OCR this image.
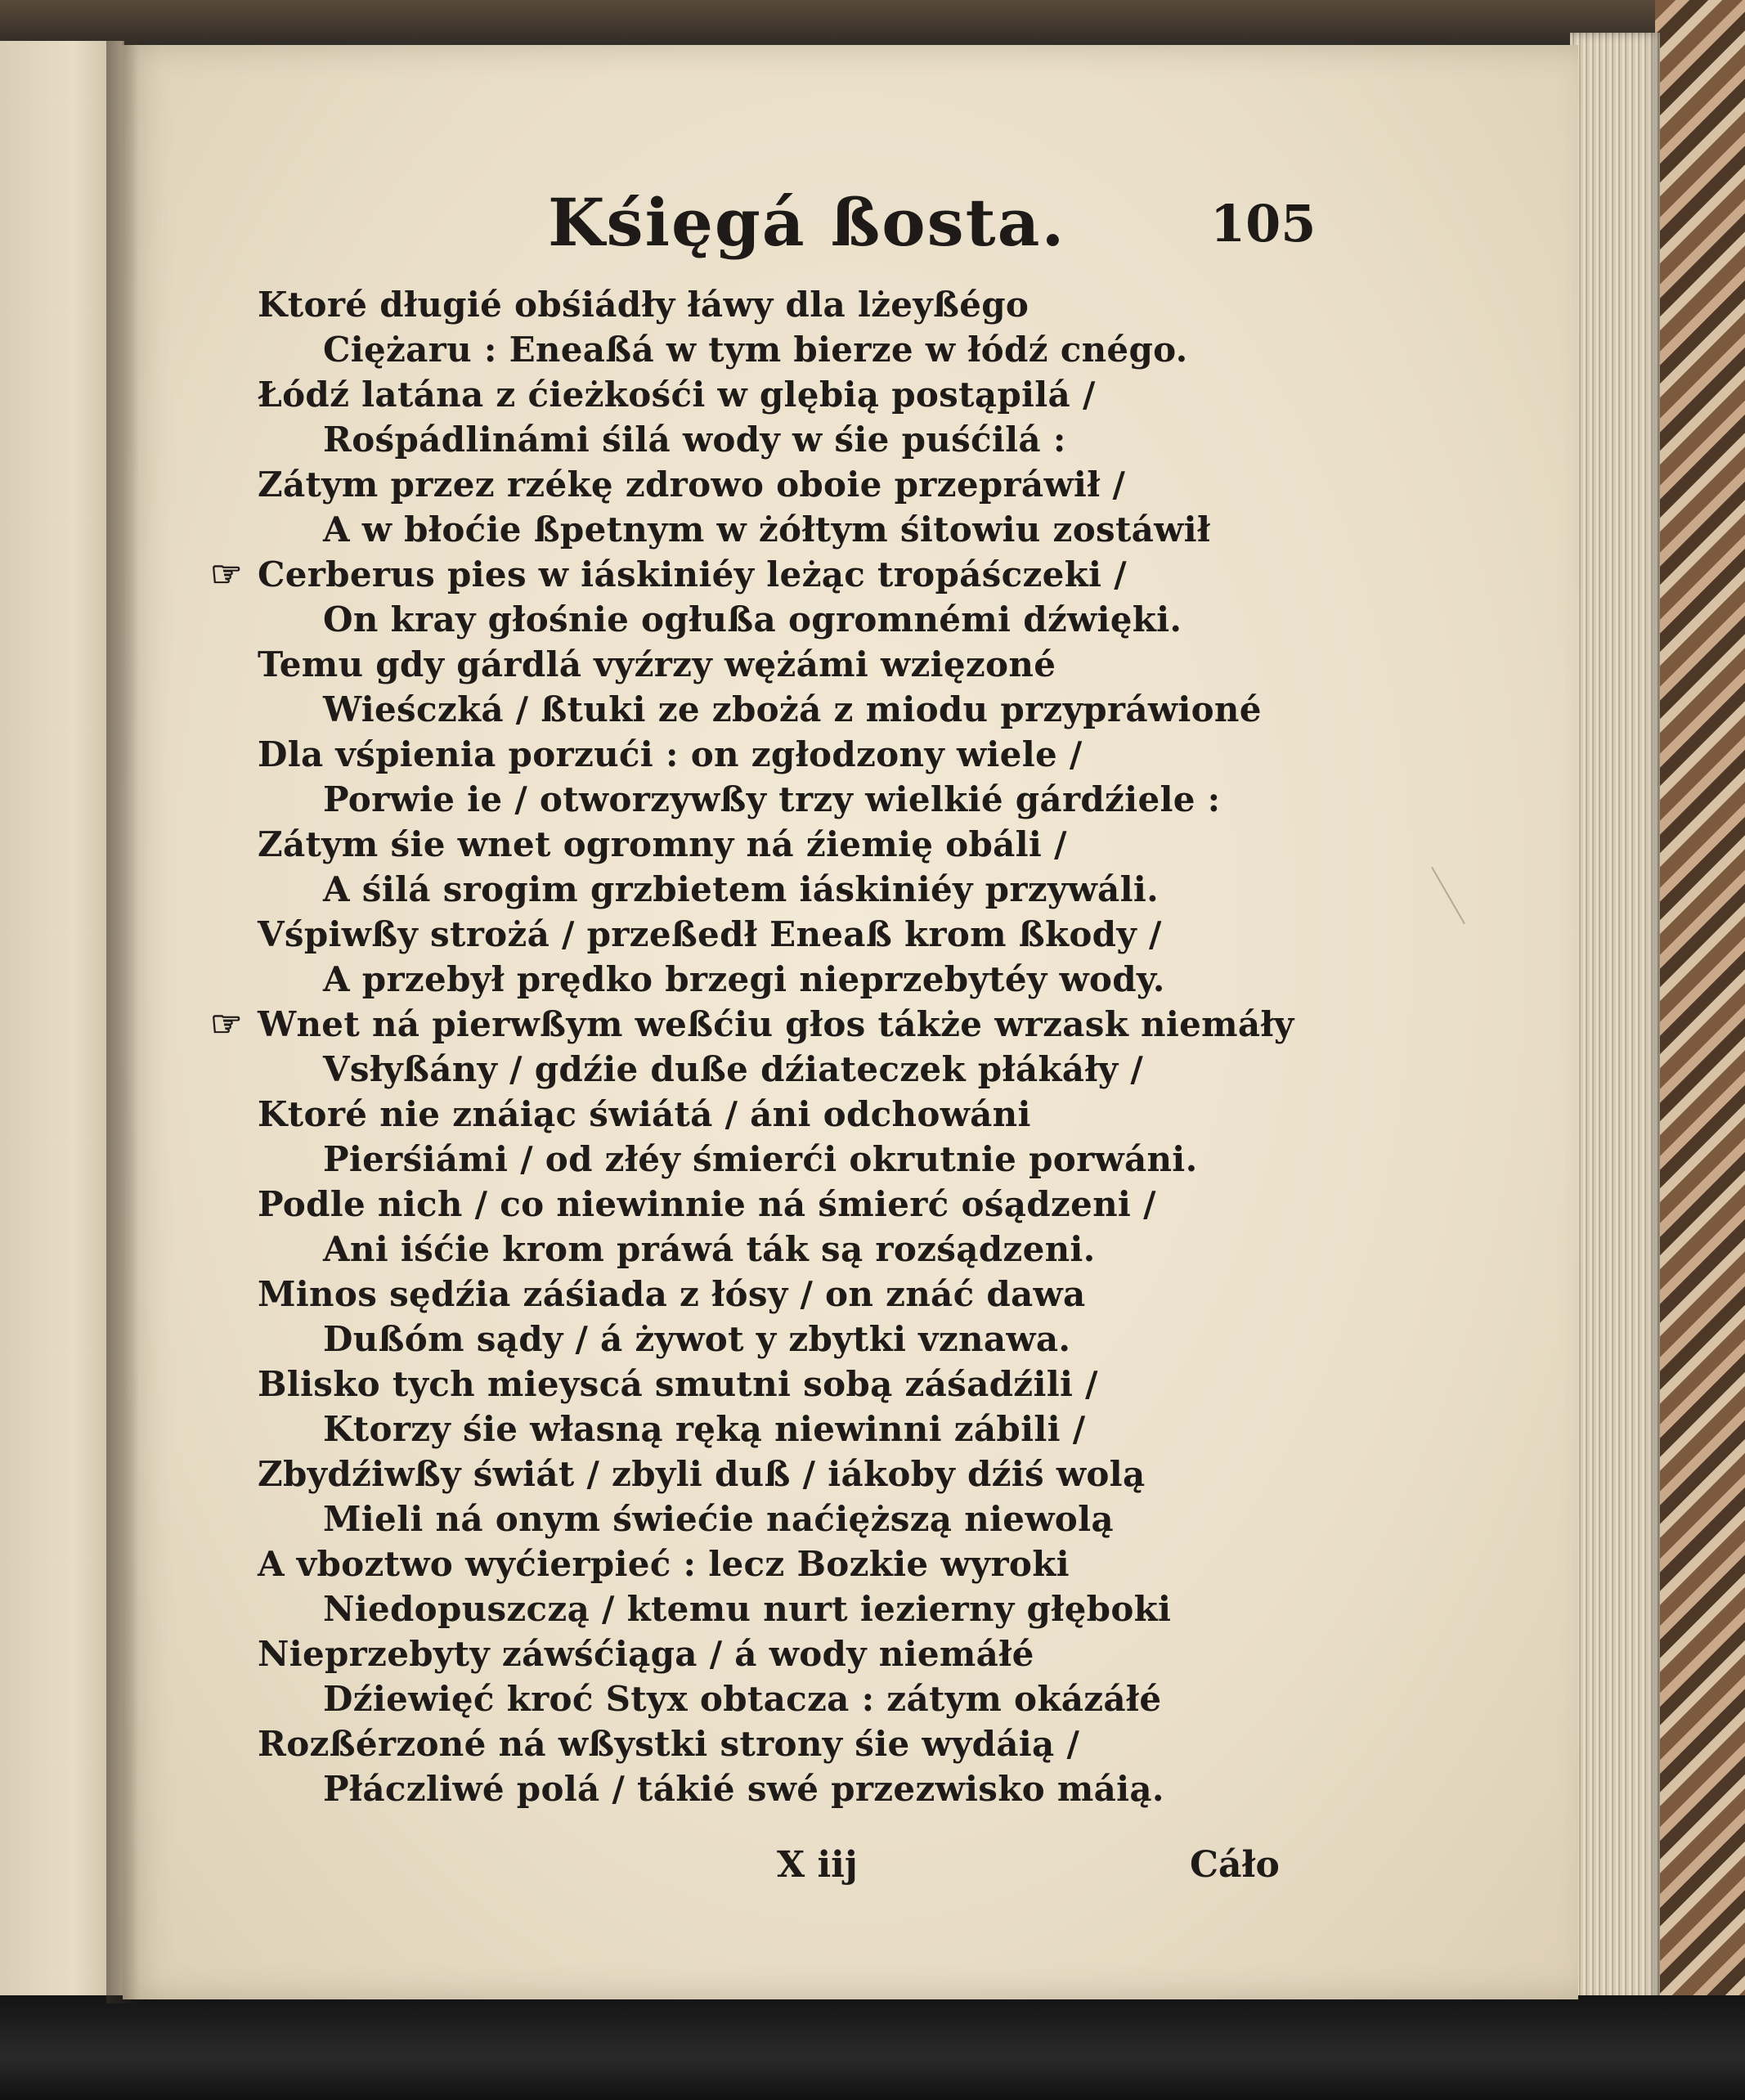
Kśięgá ßosta.	105
Ktoré długié obśiádły łáwy dla lżeyßégo
Ciężaru : Eneaßá w tym bierze w łódź cnégo.
Łódź latána z ćieżkośći w glębią postąpilá /
Rośpádlinámi śilá wody w śie puśćilá :
Zátym przez rzékę zdrowo oboie przepráwił /
A w błoćie ßpetnym w żółtym śitowiu zostáwił
☞ Cerberus pies w iáskiniéy leżąc tropáśczeki /
On kray głośnie ogłußa ogromnémi dźwięki.
Temu gdy gárdlá vyźrzy wężámi wzięzoné
Wieśczká / ßtuki ze zbożá z miodu przypráwioné
Dla vśpienia porzući : on zgłodzony wiele /
Porwie ie / otworzywßy trzy wielkié gárdźiele :
Zátym śie wnet ogromny ná źiemię obáli /
A śilá srogim grzbietem iáskiniéy przywáli.
Vśpiwßy strożá / przeßedł Eneaß krom ßkody /
A przebył prędko brzegi nieprzebytéy wody.
☞ Wnet ná pierwßym weßćiu głos tákże wrzask niemáły
Vsłyßány / gdźie duße dźiateczek płákáły /
Ktoré nie znáiąc świátá / áni odchowáni
Pierśiámi / od złéy śmierći okrutnie porwáni.
Podle nich / co niewinnie ná śmierć ośądzeni /
Ani iśćie krom práwá ták są rozśądzeni.
Minos sędźia záśiada z łósy / on znáć dawa
Dußóm sądy / á żywot y zbytki vznawa.
Blisko tych mieyscá smutni sobą záśadźili /
Ktorzy śie własną ręką niewinni zábili /
Zbydźiwßy świát / zbyli duß / iákoby dźiś wolą
Mieli ná onym świećie naćięższą niewolą
A vboztwo wyćierpieć : lecz Bozkie wyroki
Niedopuszczą / ktemu nurt iezierny głęboki
Nieprzebyty záwśćiąga / á wody niemáłé
Dźiewięć kroć Styx obtacza : zátym okázáłé
Rozßérzoné ná wßystki strony śie wydáią /
Płáczliwé polá / tákié swé przezwisko máią.
X iij	Cáło
